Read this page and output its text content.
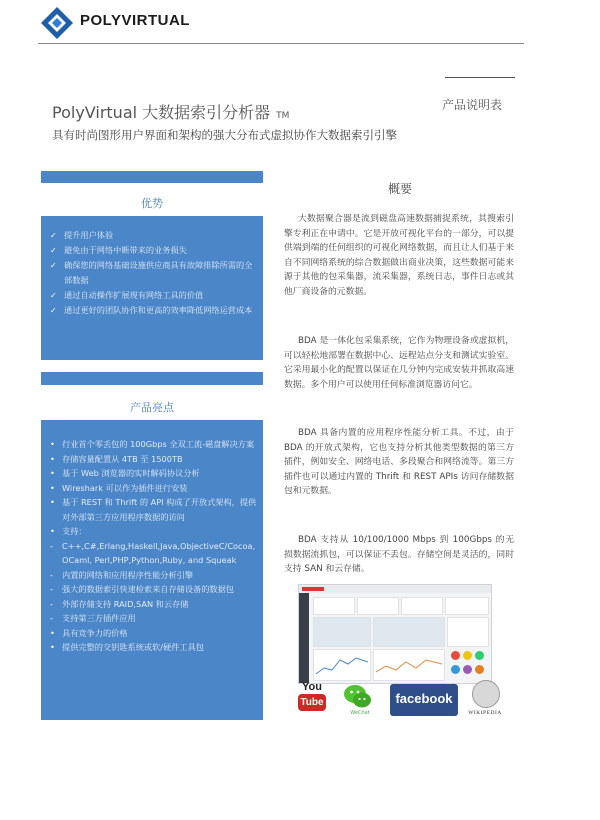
POLYVIRTUAL
产品说明表
PolyVirtual 大数据索引分析器 TM
具有时尚图形用户界面和架构的强大分布式虚拟协作大数据索引引擎
优势
✓ 提升用户体验
✓ 避免由于网络中断带来的业务损失
✓ 确保您的网络基础设施供应商具有故障排除所需的全部数据
✓ 通过自动操作扩展现有网络工具的价值
✓ 通过更好的团队协作和更高的效率降低网络运营成本
产品亮点
• 行业首个零丢包的 100Gbps 全双工流-磁盘解决方案
• 存储容量配置从 4TB 至 1500TB
• 基于 Web 浏览器的实时解码协议分析
• Wireshark 可以作为插件进行安装
• 基于 REST 和 Thrift 的 API 构成了开放式架构，提供对外部第三方应用程序数据的访问
• 支持：
- C++,C#,Erlang,Haskell,Java,ObjectiveC/Cocoa, OCaml, Perl,PHP,Python,Ruby, and Squeak
- 内置的网络和应用程序性能分析引擎
- 强大的数据索引快速检索来自存储设备的数据包
- 外部存储支持 RAID,SAN 和云存储
- 支持第三方插件应用
• 具有竞争力的价格
• 提供完整的交钥匙系统或软/硬件工具包
概要
大数据聚合器是流到磁盘高速数据捕捉系统，其搜索引擎专利正在申请中。它是开放可视化平台的一部分，可以提供端到端的任何组织的可视化网络数据，而且让人们基于来自不同网络系统的综合数据做出商业决策，这些数据可能来源于其他的包采集器，流采集器，系统日志，事件日志或其他厂商设备的元数据。
BDA 是一体化包采集系统，它作为物理设备或虚拟机，可以轻松地部署在数据中心、远程站点分支和测试实验室。它采用最小化的配置以保证在几分钟内完成安装并抓取高速数据。多个用户可以使用任何标准浏览器访问它。
BDA 具备内置的应用程序性能分析工具。不过，由于 BDA 的开放式架构，它也支持分析其他类型数据的第三方插件，例如安全、网络电话、多段聚合和网络流等。第三方插件也可以通过内置的 Thrift 和 REST APIs 访问存储数据包和元数据。
BDA 支持从 10/100/1000 Mbps 到 100Gbps 的无损数据流抓包，可以保证不丢包。存储空间是灵活的，同时支持 SAN 和云存储。
You
Tube
WeChat
facebook
WIKIPEDIA
